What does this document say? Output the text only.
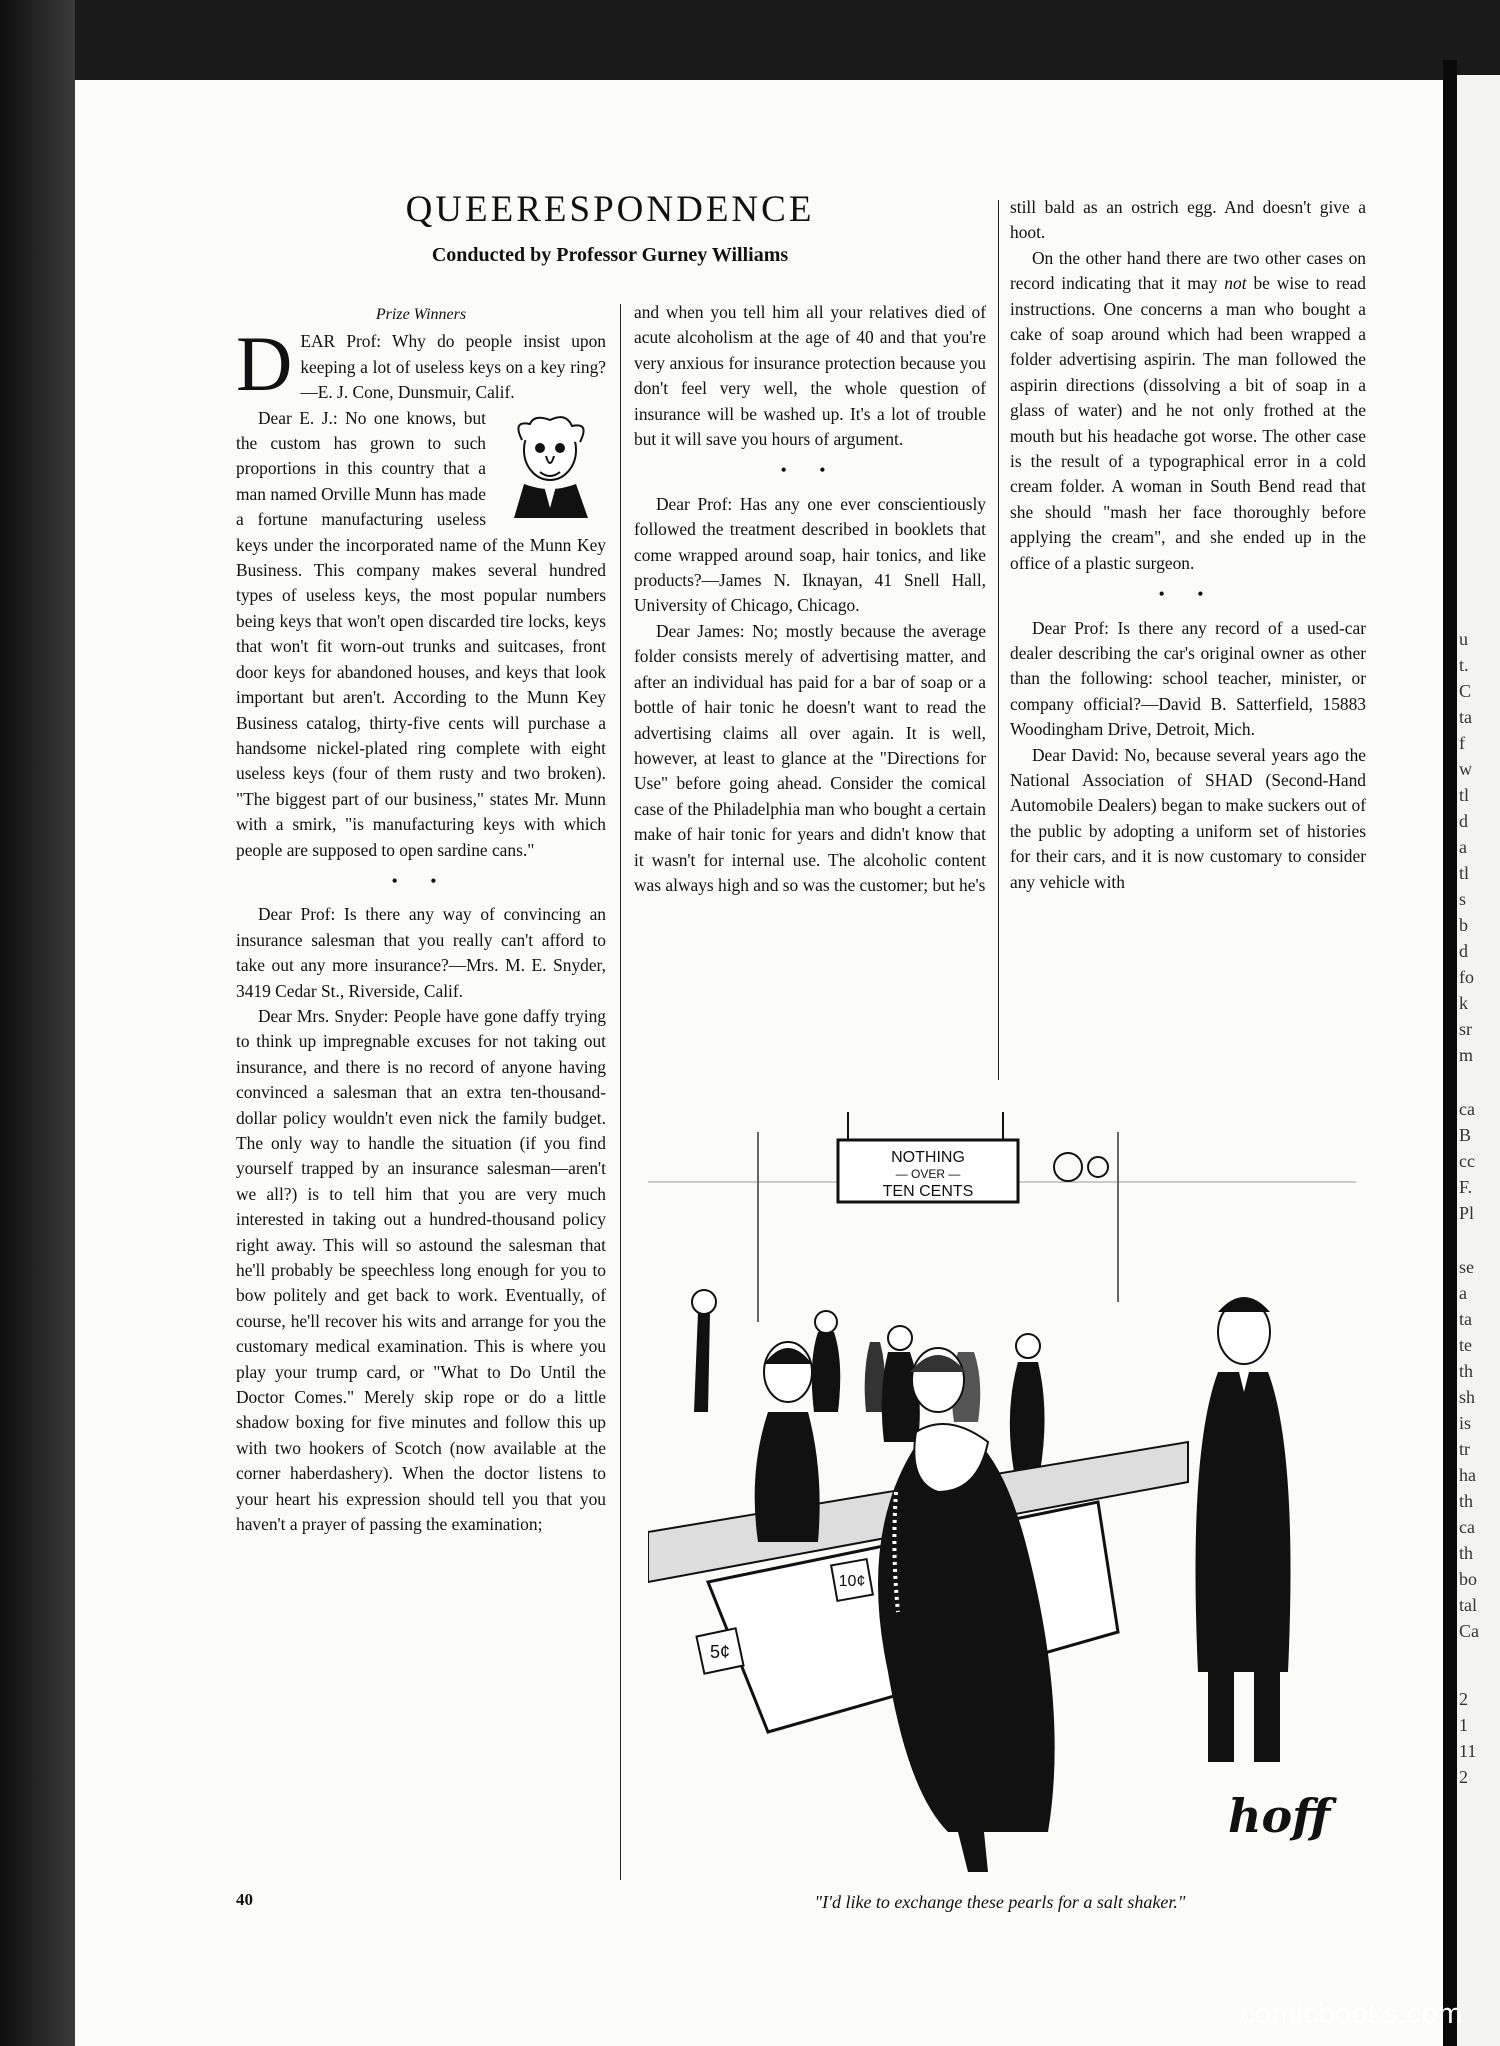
u
t.
C
ta
f
w
tl
d
a
tl
s
b
d
fo
k
sr
m
ca
B
cc
F.
Pl
se
a
ta
te
th
sh
is
tr
ha
th
ca
th
bo
tal
Ca
2
1
11
2
QUEERESPONDENCE
Conducted by Professor Gurney Williams
Prize Winners

DEAR Prof: Why do people insist upon keeping a lot of useless keys on a key ring?—E. J. Cone, Dunsmuir, Calif.

Dear E. J.: No one knows, but the custom has grown to such proportions in this country that a man named Orville Munn has made a fortune manufacturing useless keys under the incorporated name of the Munn Key Business. This company makes several hundred types of useless keys, the most popular numbers being keys that won't open discarded tire locks, keys that won't fit worn-out trunks and suitcases, front door keys for abandoned houses, and keys that look important but aren't. According to the Munn Key Business catalog, thirty-five cents will purchase a handsome nickel-plated ring complete with eight useless keys (four of them rusty and two broken). "The biggest part of our business," states Mr. Munn with a smirk, "is manufacturing keys with which people are supposed to open sardine cans."

• •

Dear Prof: Is there any way of convincing an insurance salesman that you really can't afford to take out any more insurance?—Mrs. M. E. Snyder, 3419 Cedar St., Riverside, Calif.

Dear Mrs. Snyder: People have gone daffy trying to think up impregnable excuses for not taking out insurance, and there is no record of anyone having convinced a salesman that an extra ten-thousand-dollar policy wouldn't even nick the family budget. The only way to handle the situation (if you find yourself trapped by an insurance salesman—aren't we all?) is to tell him that you are very much interested in taking out a hundred-thousand policy right away. This will so astound the salesman that he'll probably be speechless long enough for you to bow politely and get back to work. Eventually, of course, he'll recover his wits and arrange for you the customary medical examination. This is where you play your trump card, or "What to Do Until the Doctor Comes." Merely skip rope or do a little shadow boxing for five minutes and follow this up with two hookers of Scotch (now available at the corner haberdashery). When the doctor listens to your heart his expression should tell you that you haven't a prayer of passing the examination;

and when you tell him all your relatives died of acute alcoholism at the age of 40 and that you're very anxious for insurance protection because you don't feel very well, the whole question of insurance will be washed up. It's a lot of trouble but it will save you hours of argument.

• •

Dear Prof: Has any one ever conscientiously followed the treatment described in booklets that come wrapped around soap, hair tonics, and like products?—James N. Iknayan, 41 Snell Hall, University of Chicago, Chicago.

Dear James: No; mostly because the average folder consists merely of advertising matter, and after an individual has paid for a bar of soap or a bottle of hair tonic he doesn't want to read the advertising claims all over again. It is well, however, at least to glance at the "Directions for Use" before going ahead. Consider the comical case of the Philadelphia man who bought a certain make of hair tonic for years and didn't know that it wasn't for internal use. The alcoholic content was always high and so was the customer; but he's

still bald as an ostrich egg. And doesn't give a hoot.

On the other hand there are two other cases on record indicating that it may not be wise to read instructions. One concerns a man who bought a cake of soap around which had been wrapped a folder advertising aspirin. The man followed the aspirin directions (dissolving a bit of soap in a glass of water) and he not only frothed at the mouth but his headache got worse. The other case is the result of a typographical error in a cold cream folder. A woman in South Bend read that she should "mash her face thoroughly before applying the cream", and she ended up in the office of a plastic surgeon.

• •

Dear Prof: Is there any record of a used-car dealer describing the car's original owner as other than the following: school teacher, minister, or company official?—David B. Satterfield, 15883 Woodingham Drive, Detroit, Mich.

Dear David: No, because several years ago the National Association of SHAD (Second-Hand Automobile Dealers) began to make suckers out of the public by adopting a uniform set of histories for their cars, and it is now customary to consider any vehicle with

NOTHING
— OVER —
TEN CENTS
5¢
10¢
hoff
"I'd like to exchange these pearls for a salt shaker."
40
comicbooks.com
